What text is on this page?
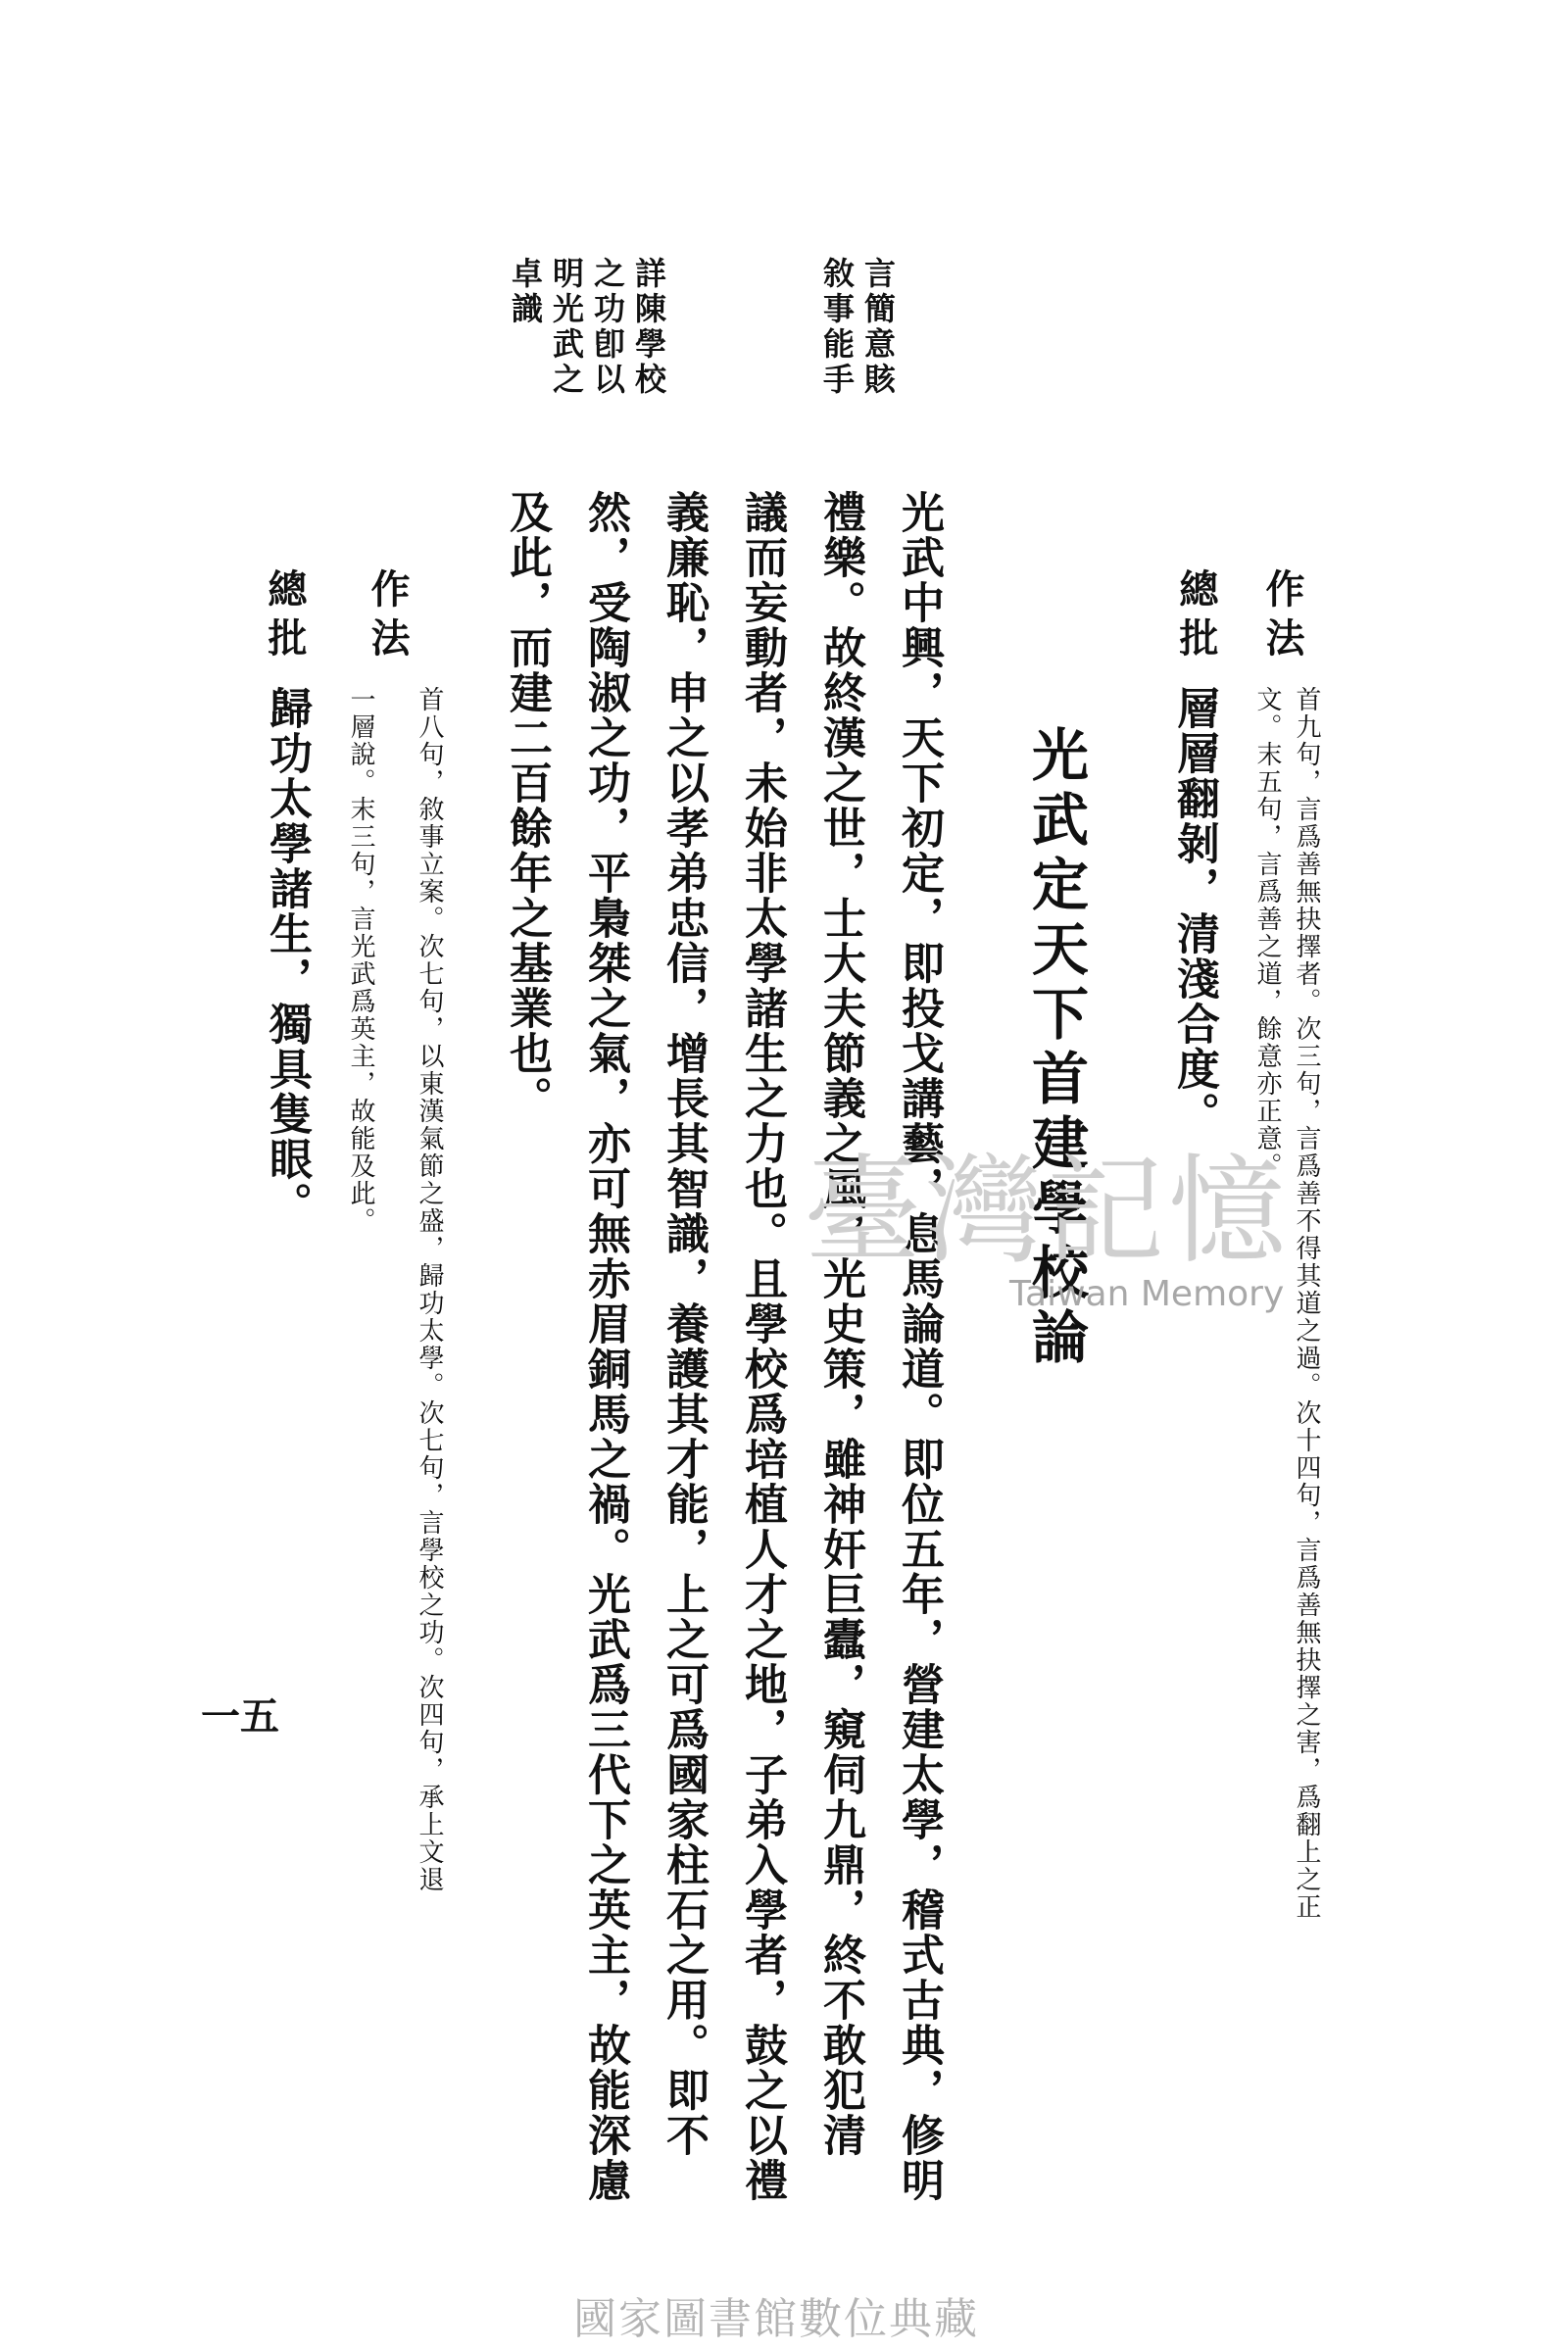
作法
首九句，言爲善無抉擇者。次三句，言爲善不得其道之過。次十四句，言爲善無抉擇之害，爲翻上之正
文。末五句，言爲善之道，餘意亦正意。
總批
層層翻剝，清淺合度。
光武定天下首建學校論
光武中興，天下初定，即投戈講藝，息馬論道。即位五年，營建太學，稽式古典，修明
禮樂。故終漢之世，士大夫節義之風，光史策，雖神奸巨蠹，窺伺九鼎，終不敢犯清
議而妄動者，未始非太學諸生之力也。且學校爲培植人才之地，子弟入學者，鼓之以禮
義廉恥，申之以孝弟忠信，增長其智識，養護其才能，上之可爲國家柱石之用。即不
然，受陶淑之功，平梟桀之氣，亦可無赤眉銅馬之禍。光武爲三代下之英主，故能深慮
及此，而建二百餘年之基業也。
言簡意賅
敘事能手
詳陳學校
之功卽以
明光武之
卓識
作法
首八句，敘事立案。次七句，以東漢氣節之盛，歸功太學。次七句，言學校之功。次四句，承上文退
一層說。末三句，言光武爲英主，故能及此。
總批
歸功太學諸生，獨具隻眼。
一五
臺灣記憶
Taiwan Memory
國家圖書館數位典藏
